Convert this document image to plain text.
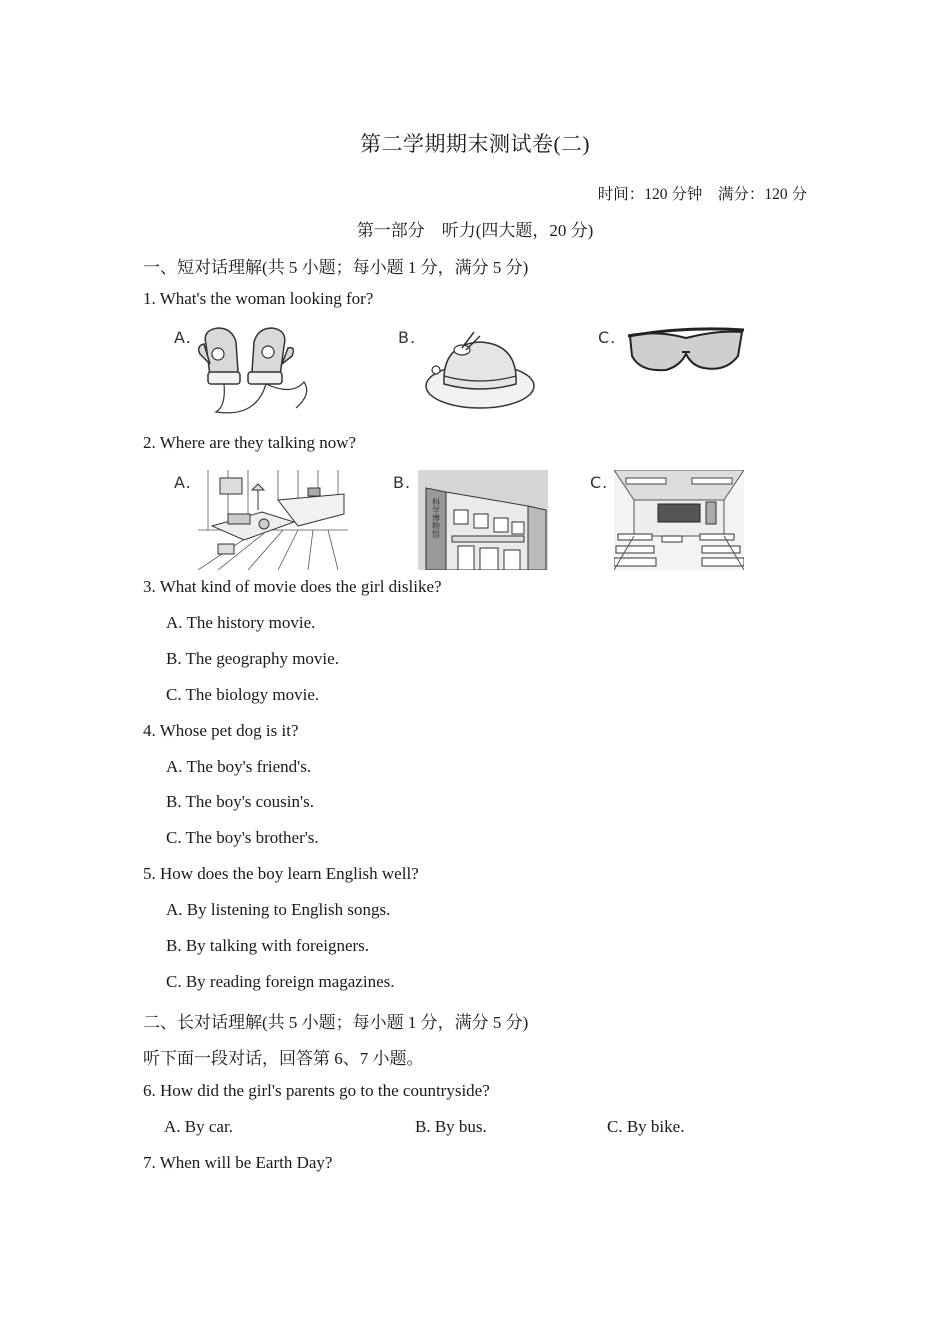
第二学期期末测试卷(二)
时间：120 分钟　满分：120 分
第一部分　听力(四大题，20 分)
一、短对话理解(共 5 小题；每小题 1 分，满分 5 分)
1. What's the woman looking for?
A.	B.	C.
2. Where are they talking now?
A.	B.	C.
科学博物馆
3. What kind of movie does the girl dislike?
A. The history movie.
B. The geography movie.
C. The biology movie.
4. Whose pet dog is it?
A. The boy's friend's.
B. The boy's cousin's.
C. The boy's brother's.
5. How does the boy learn English well?
A. By listening to English songs.
B. By talking with foreigners.
C. By reading foreign magazines.
二、长对话理解(共 5 小题；每小题 1 分，满分 5 分)
听下面一段对话，回答第 6、7 小题。
6. How did the girl's parents go to the countryside?
A. By car.	B. By bus.	C. By bike.
7. When will be Earth Day?
